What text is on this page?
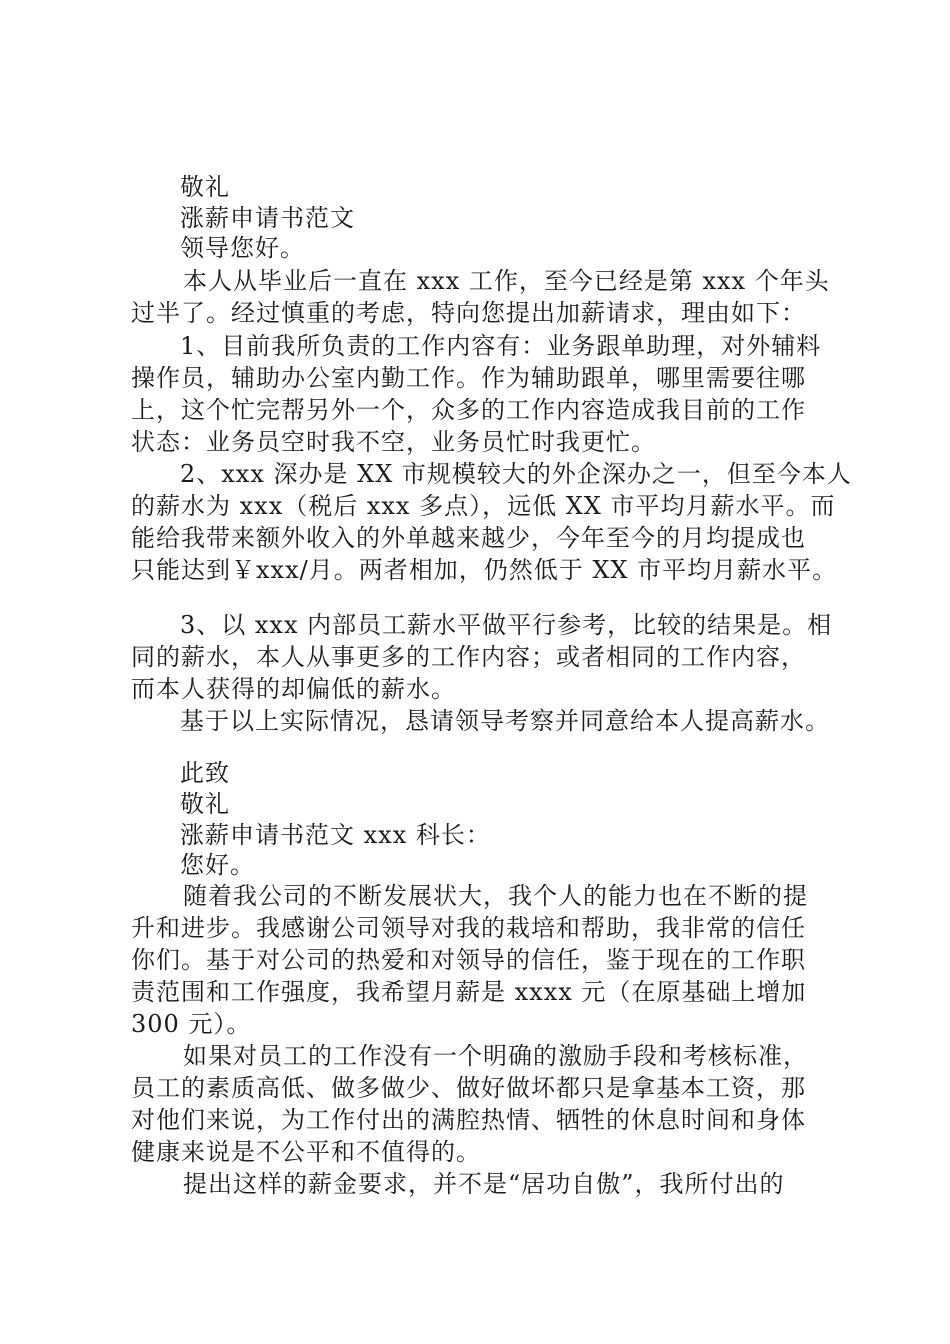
敬礼
涨薪申请书范文
领导您好。
本人从毕业后一直在 xxx 工作，至今已经是第 xxx 个年头
过半了。经过慎重的考虑，特向您提出加薪请求，理由如下：
1、目前我所负责的工作内容有：业务跟单助理，对外辅料
操作员，辅助办公室内勤工作。作为辅助跟单，哪里需要往哪
上，这个忙完帮另外一个，众多的工作内容造成我目前的工作
状态：业务员空时我不空，业务员忙时我更忙。
2、xxx 深办是 XX 市规模较大的外企深办之一，但至今本人
的薪水为 xxx（税后 xxx 多点），远低 XX 市平均月薪水平。而
能给我带来额外收入的外单越来越少，今年至今的月均提成也
只能达到￥xxx/月。两者相加，仍然低于 XX 市平均月薪水平。
3、以 xxx 内部员工薪水平做平行参考，比较的结果是。相
同的薪水，本人从事更多的工作内容；或者相同的工作内容，
而本人获得的却偏低的薪水。
基于以上实际情况，恳请领导考察并同意给本人提高薪水。
此致
敬礼
涨薪申请书范文 xxx 科长：
您好。
随着我公司的不断发展状大，我个人的能力也在不断的提
升和进步。我感谢公司领导对我的栽培和帮助，我非常的信任
你们。基于对公司的热爱和对领导的信任，鉴于现在的工作职
责范围和工作强度，我希望月薪是 xxxx 元（在原基础上增加
300 元）。
如果对员工的工作没有一个明确的激励手段和考核标准，
员工的素质高低、做多做少、做好做坏都只是拿基本工资，那
对他们来说，为工作付出的满腔热情、牺牲的休息时间和身体
健康来说是不公平和不值得的。
提出这样的薪金要求，并不是“居功自傲”，我所付出的
